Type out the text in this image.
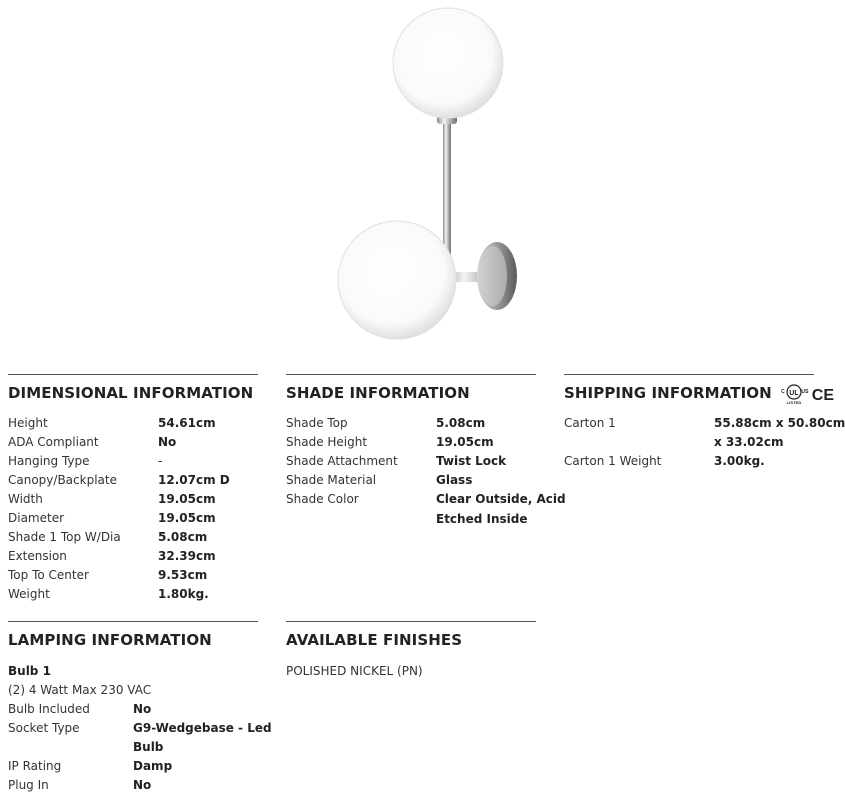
DIMENSIONAL INFORMATION
Height	54.61cm
ADA Compliant	No
Hanging Type	-
Canopy/Backplate	12.07cm D
Width	19.05cm
Diameter	19.05cm
Shade 1 Top W/Dia	5.08cm
Extension	32.39cm
Top To Center	9.53cm
Weight	1.80kg.
SHADE INFORMATION
Shade Top	5.08cm
Shade Height	19.05cm
Shade Attachment	Twist Lock
Shade Material	Glass
Shade Color	Clear Outside, Acid
Etched Inside
SHIPPING INFORMATION UL
C	US
LISTED CE
Carton 1	55.88cm x 50.80cm
x 33.02cm
Carton 1 Weight	3.00kg.
LAMPING INFORMATION
Bulb 1
(2) 4 Watt Max 230 VAC
Bulb Included	No
Socket Type	G9-Wedgebase - Led
Bulb
IP Rating	Damp
Plug In	No
AVAILABLE FINISHES
POLISHED NICKEL (PN)
